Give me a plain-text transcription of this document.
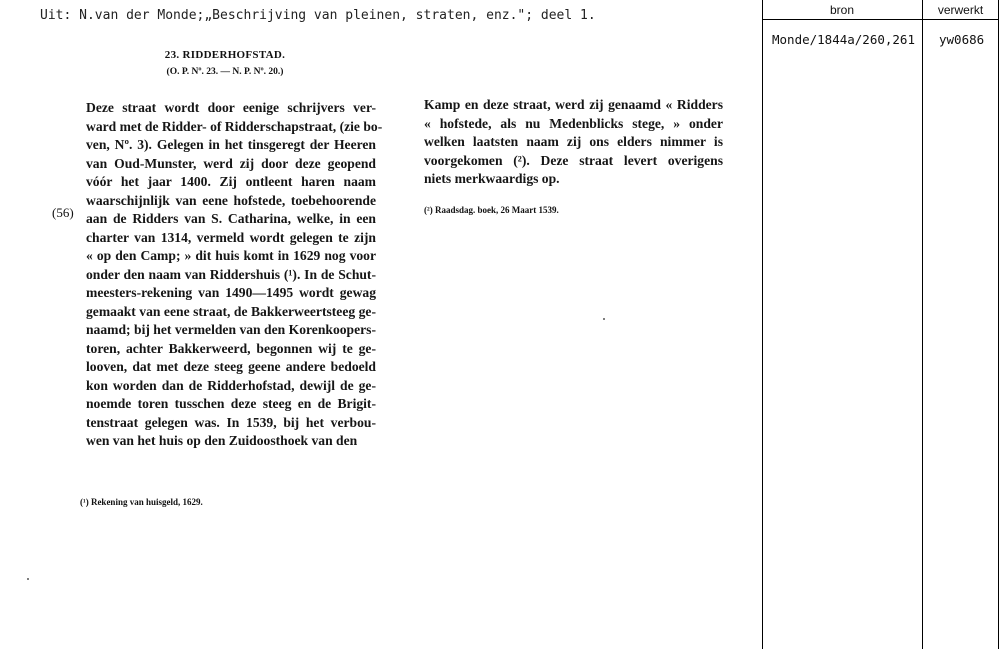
Uit: N.van der Monde;„Beschrijving van pleinen, straten, enz."; deel 1.
23. RIDDERHOFSTAD.
(O. P. Nº. 23. — N. P. Nº. 20.)
(56)
Deze straat wordt door eenige schrijvers ver-
ward met de Ridder- of Ridderschapstraat, (zie bo-
ven, Nº. 3). Gelegen in het tinsgeregt der Heeren
van Oud-Munster, werd zij door deze geopend
vóór het jaar 1400. Zij ontleent haren naam
waarschijnlijk van eene hofstede, toebehoorende
aan de Ridders van S. Catharina, welke, in een
charter van 1314, vermeld wordt gelegen te zijn
« op den Camp; » dit huis komt in 1629 nog voor
onder den naam van Riddershuis (¹). In de Schut-
meesters-rekening van 1490—1495 wordt gewag
gemaakt van eene straat, de Bakkerweertsteeg ge-
naamd; bij het vermelden van den Korenkoopers-
toren, achter Bakkerweerd, begonnen wij te ge-
looven, dat met deze steeg geene andere bedoeld
kon worden dan de Ridderhofstad, dewijl de ge-
noemde toren tusschen deze steeg en de Brigit-
tenstraat gelegen was. In 1539, bij het verbou-
wen van het huis op den Zuidoosthoek van den
Kamp en deze straat, werd zij genaamd « Ridders
« hofstede, als nu Medenblicks stege, » onder
welken laatsten naam zij ons elders nimmer is
voorgekomen (²). Deze straat levert overigens
niets merkwaardigs op.
(¹) Rekening van huisgeld, 1629.
(²) Raadsdag. boek, 26 Maart 1539.
bron	verwerkt
Monde/1844a/260,261 yw0686
